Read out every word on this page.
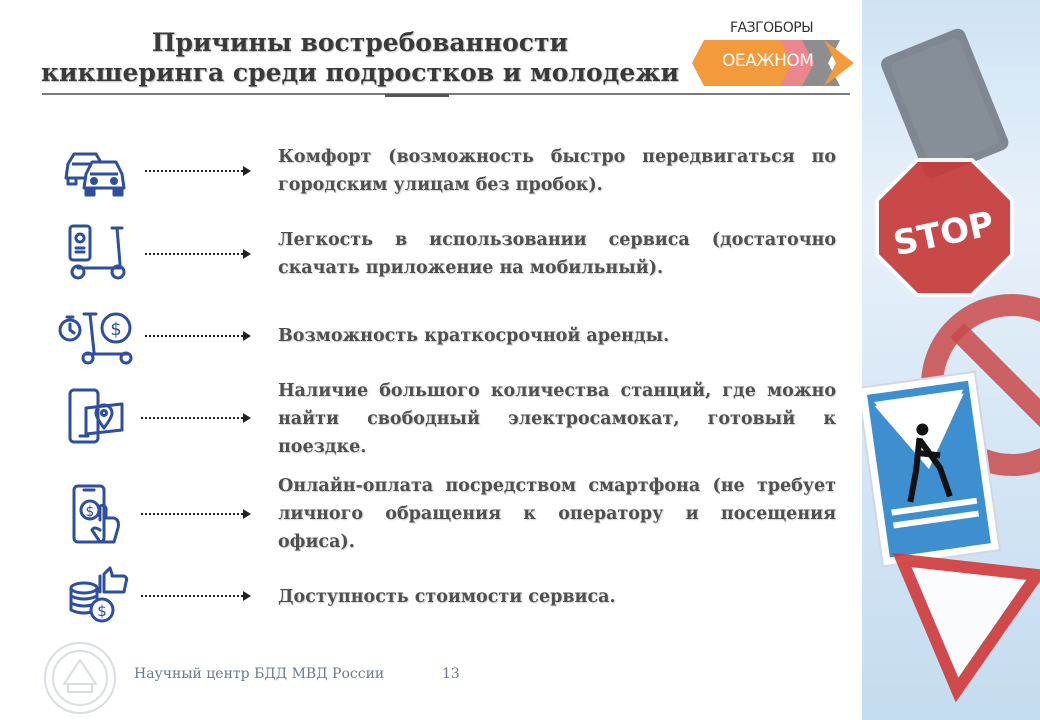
STOP
Причины востребованности
кикшеринга среди подростков и молодежи
FАЗГОБОРЫ
ОЕАЖНОМ
Комфорт (возможность быстро передвигаться по городским улицам без пробок).
Легкость в использовании сервиса (достаточно скачать приложение на мобильный).
$	Возможность краткосрочной аренды.
Наличие большого количества станций, где можно найти свободный электросамокат, готовый к поездке.
$
Онлайн-оплата посредством смартфона (не требует личного обращения к оператору и посещения офиса).
$
Доступность стоимости сервиса.
Научный центр БДД МВД России	13
